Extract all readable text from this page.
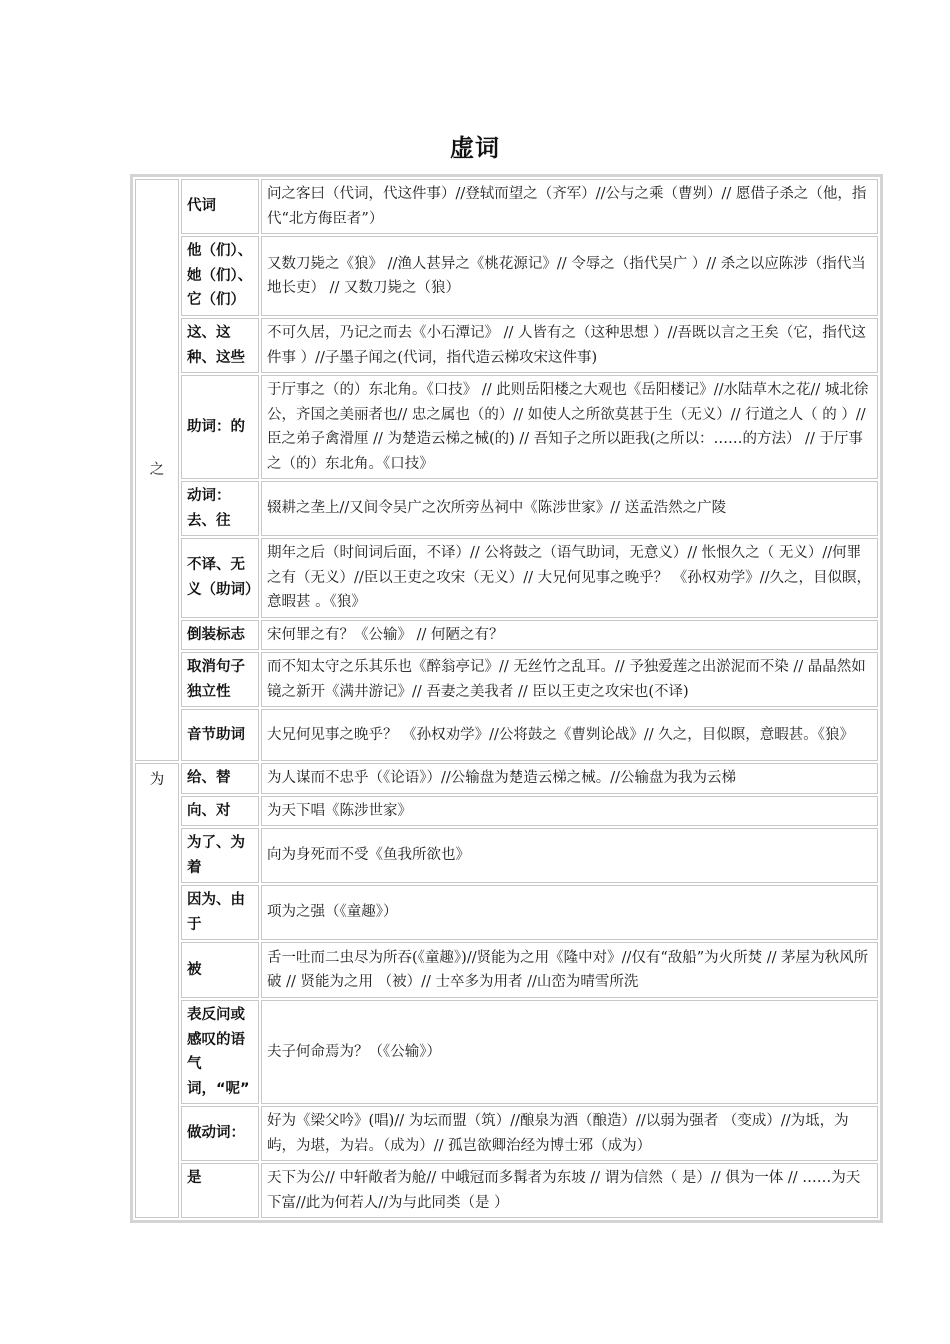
虚词
之	代词	问之客曰（代词，代这件事）//登轼而望之（齐军）//公与之乘（曹刿）// 愿借子杀之（他，指代“北方侮臣者”）
	他（们）、她（们）、它（们）	又数刀毙之《狼》 //渔人甚异之《桃花源记》// 令辱之（指代吴广 ）// 杀之以应陈涉（指代当地长吏） // 又数刀毙之（狼）
	这、这种、这些	不可久居，乃记之而去《小石潭记》 // 人皆有之（这种思想 ）//吾既以言之王矣（它，指代这件事 ）//子墨子闻之(代词，指代造云梯攻宋这件事)
	助词：的	于厅事之（的）东北角。《口技》 // 此则岳阳楼之大观也《岳阳楼记》//水陆草木之花// 城北徐公，齐国之美丽者也// 忠之属也（的）// 如使人之所欲莫甚于生（无义）// 行道之人（ 的 ）// 臣之弟子禽滑厘 // 为楚造云梯之械(的) // 吾知子之所以距我(之所以：……的方法） // 于厅事之（的）东北角。《口技》
	动词：去、往	辍耕之垄上//又间令吴广之次所旁丛祠中《陈涉世家》// 送孟浩然之广陵
	不译、无义（助词）	期年之后（时间词后面，不译）// 公将鼓之（语气助词，无意义）// 怅恨久之（ 无义）//何罪之有（无义）//臣以王吏之攻宋（无义）// 大兄何见事之晚乎？ 《孙权劝学》//久之，目似瞑，意暇甚 。《狼》
	倒装标志	宋何罪之有？《公输》 // 何陋之有？
	取消句子独立性	而不知太守之乐其乐也《醉翁亭记》// 无丝竹之乱耳。// 予独爱莲之出淤泥而不染 // 晶晶然如镜之新开《满井游记》// 吾妻之美我者 // 臣以王吏之攻宋也(不译)
	音节助词	大兄何见事之晚乎？ 《孙权劝学》//公将鼓之《曹刿论战》// 久之，目似瞑，意暇甚。《狼》
为	给、替	为人谋而不忠乎（《论语》）//公输盘为楚造云梯之械。//公输盘为我为云梯
	向、对	为天下唱《陈涉世家》
	为了、为着	向为身死而不受《鱼我所欲也》
	因为、由于	项为之强（《童趣》）
	被	舌一吐而二虫尽为所吞(《童趣》)//贤能为之用《隆中对》//仅有“敌船”为火所焚 // 茅屋为秋风所破 // 贤能为之用 （被）// 士卒多为用者 //山峦为晴雪所洗
	表反问或感叹的语气词，“呢”	夫子何命焉为？（《公输》）
	做动词：	好为《梁父吟》(唱)// 为坛而盟（筑）//酿泉为酒（酿造）//以弱为强者 （变成）//为坻，为屿，为堪，为岩。（成为）// 孤岂欲卿治经为博士邪（成为）
	是	天下为公// 中轩敞者为舱// 中峨冠而多髯者为东坡 // 谓为信然（ 是）// 俱为一体 // ……为天下富//此为何若人//为与此同类（是 ）
